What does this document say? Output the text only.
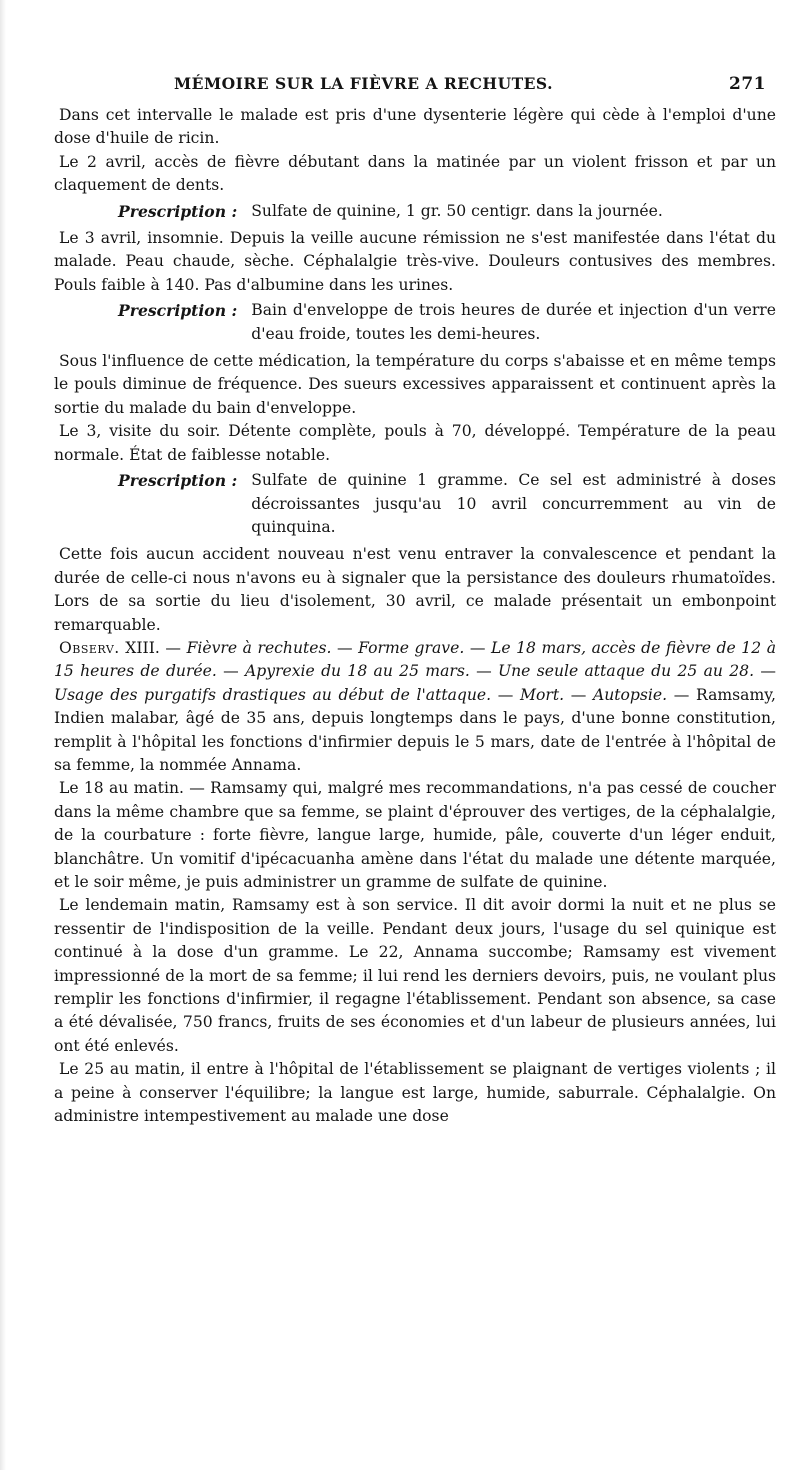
MÉMOIRE SUR LA FIÈVRE A RECHUTES.	271

Dans cet intervalle le malade est pris d'une dysenterie légère qui cède à l'emploi d'une dose d'huile de ricin.

Le 2 avril, accès de fièvre débutant dans la matinée par un violent frisson et par un claquement de dents.

Prescription : Sulfate de quinine, 1 gr. 50 centigr. dans la journée.

Le 3 avril, insomnie. Depuis la veille aucune rémission ne s'est manifestée dans l'état du malade. Peau chaude, sèche. Céphalalgie très-vive. Douleurs contusives des membres. Pouls faible à 140. Pas d'albumine dans les urines.

Prescription : Bain d'enveloppe de trois heures de durée et injection d'un verre d'eau froide, toutes les demi-heures.

Sous l'influence de cette médication, la température du corps s'abaisse et en même temps le pouls diminue de fréquence. Des sueurs excessives apparaissent et continuent après la sortie du malade du bain d'enveloppe.

Le 3, visite du soir. Détente complète, pouls à 70, développé. Température de la peau normale. État de faiblesse notable.

Prescription : Sulfate de quinine 1 gramme. Ce sel est administré à doses décroissantes jusqu'au 10 avril concurremment au vin de quinquina.

Cette fois aucun accident nouveau n'est venu entraver la convalescence et pendant la durée de celle-ci nous n'avons eu à signaler que la persistance des douleurs rhumatoïdes. Lors de sa sortie du lieu d'isolement, 30 avril, ce malade présentait un embonpoint remarquable.

Observ. XIII. — Fièvre à rechutes. — Forme grave. — Le 18 mars, accès de fièvre de 12 à 15 heures de durée. — Apyrexie du 18 au 25 mars. — Une seule attaque du 25 au 28. — Usage des purgatifs drastiques au début de l'attaque. — Mort. — Autopsie. — Ramsamy, Indien malabar, âgé de 35 ans, depuis longtemps dans le pays, d'une bonne constitution, remplit à l'hôpital les fonctions d'infirmier depuis le 5 mars, date de l'entrée à l'hôpital de sa femme, la nommée Annama.

Le 18 au matin. — Ramsamy qui, malgré mes recommandations, n'a pas cessé de coucher dans la même chambre que sa femme, se plaint d'éprouver des vertiges, de la céphalalgie, de la courbature : forte fièvre, langue large, humide, pâle, couverte d'un léger enduit, blanchâtre. Un vomitif d'ipécacuanha amène dans l'état du malade une détente marquée, et le soir même, je puis administrer un gramme de sulfate de quinine.

Le lendemain matin, Ramsamy est à son service. Il dit avoir dormi la nuit et ne plus se ressentir de l'indisposition de la veille. Pendant deux jours, l'usage du sel quinique est continué à la dose d'un gramme. Le 22, Annama succombe; Ramsamy est vivement impressionné de la mort de sa femme; il lui rend les derniers devoirs, puis, ne voulant plus remplir les fonctions d'infirmier, il regagne l'établissement. Pendant son absence, sa case a été dévalisée, 750 francs, fruits de ses économies et d'un labeur de plusieurs années, lui ont été enlevés.

Le 25 au matin, il entre à l'hôpital de l'établissement se plaignant de vertiges violents ; il a peine à conserver l'équilibre; la langue est large, humide, saburrale. Céphalalgie. On administre intempestivement au malade une dose
